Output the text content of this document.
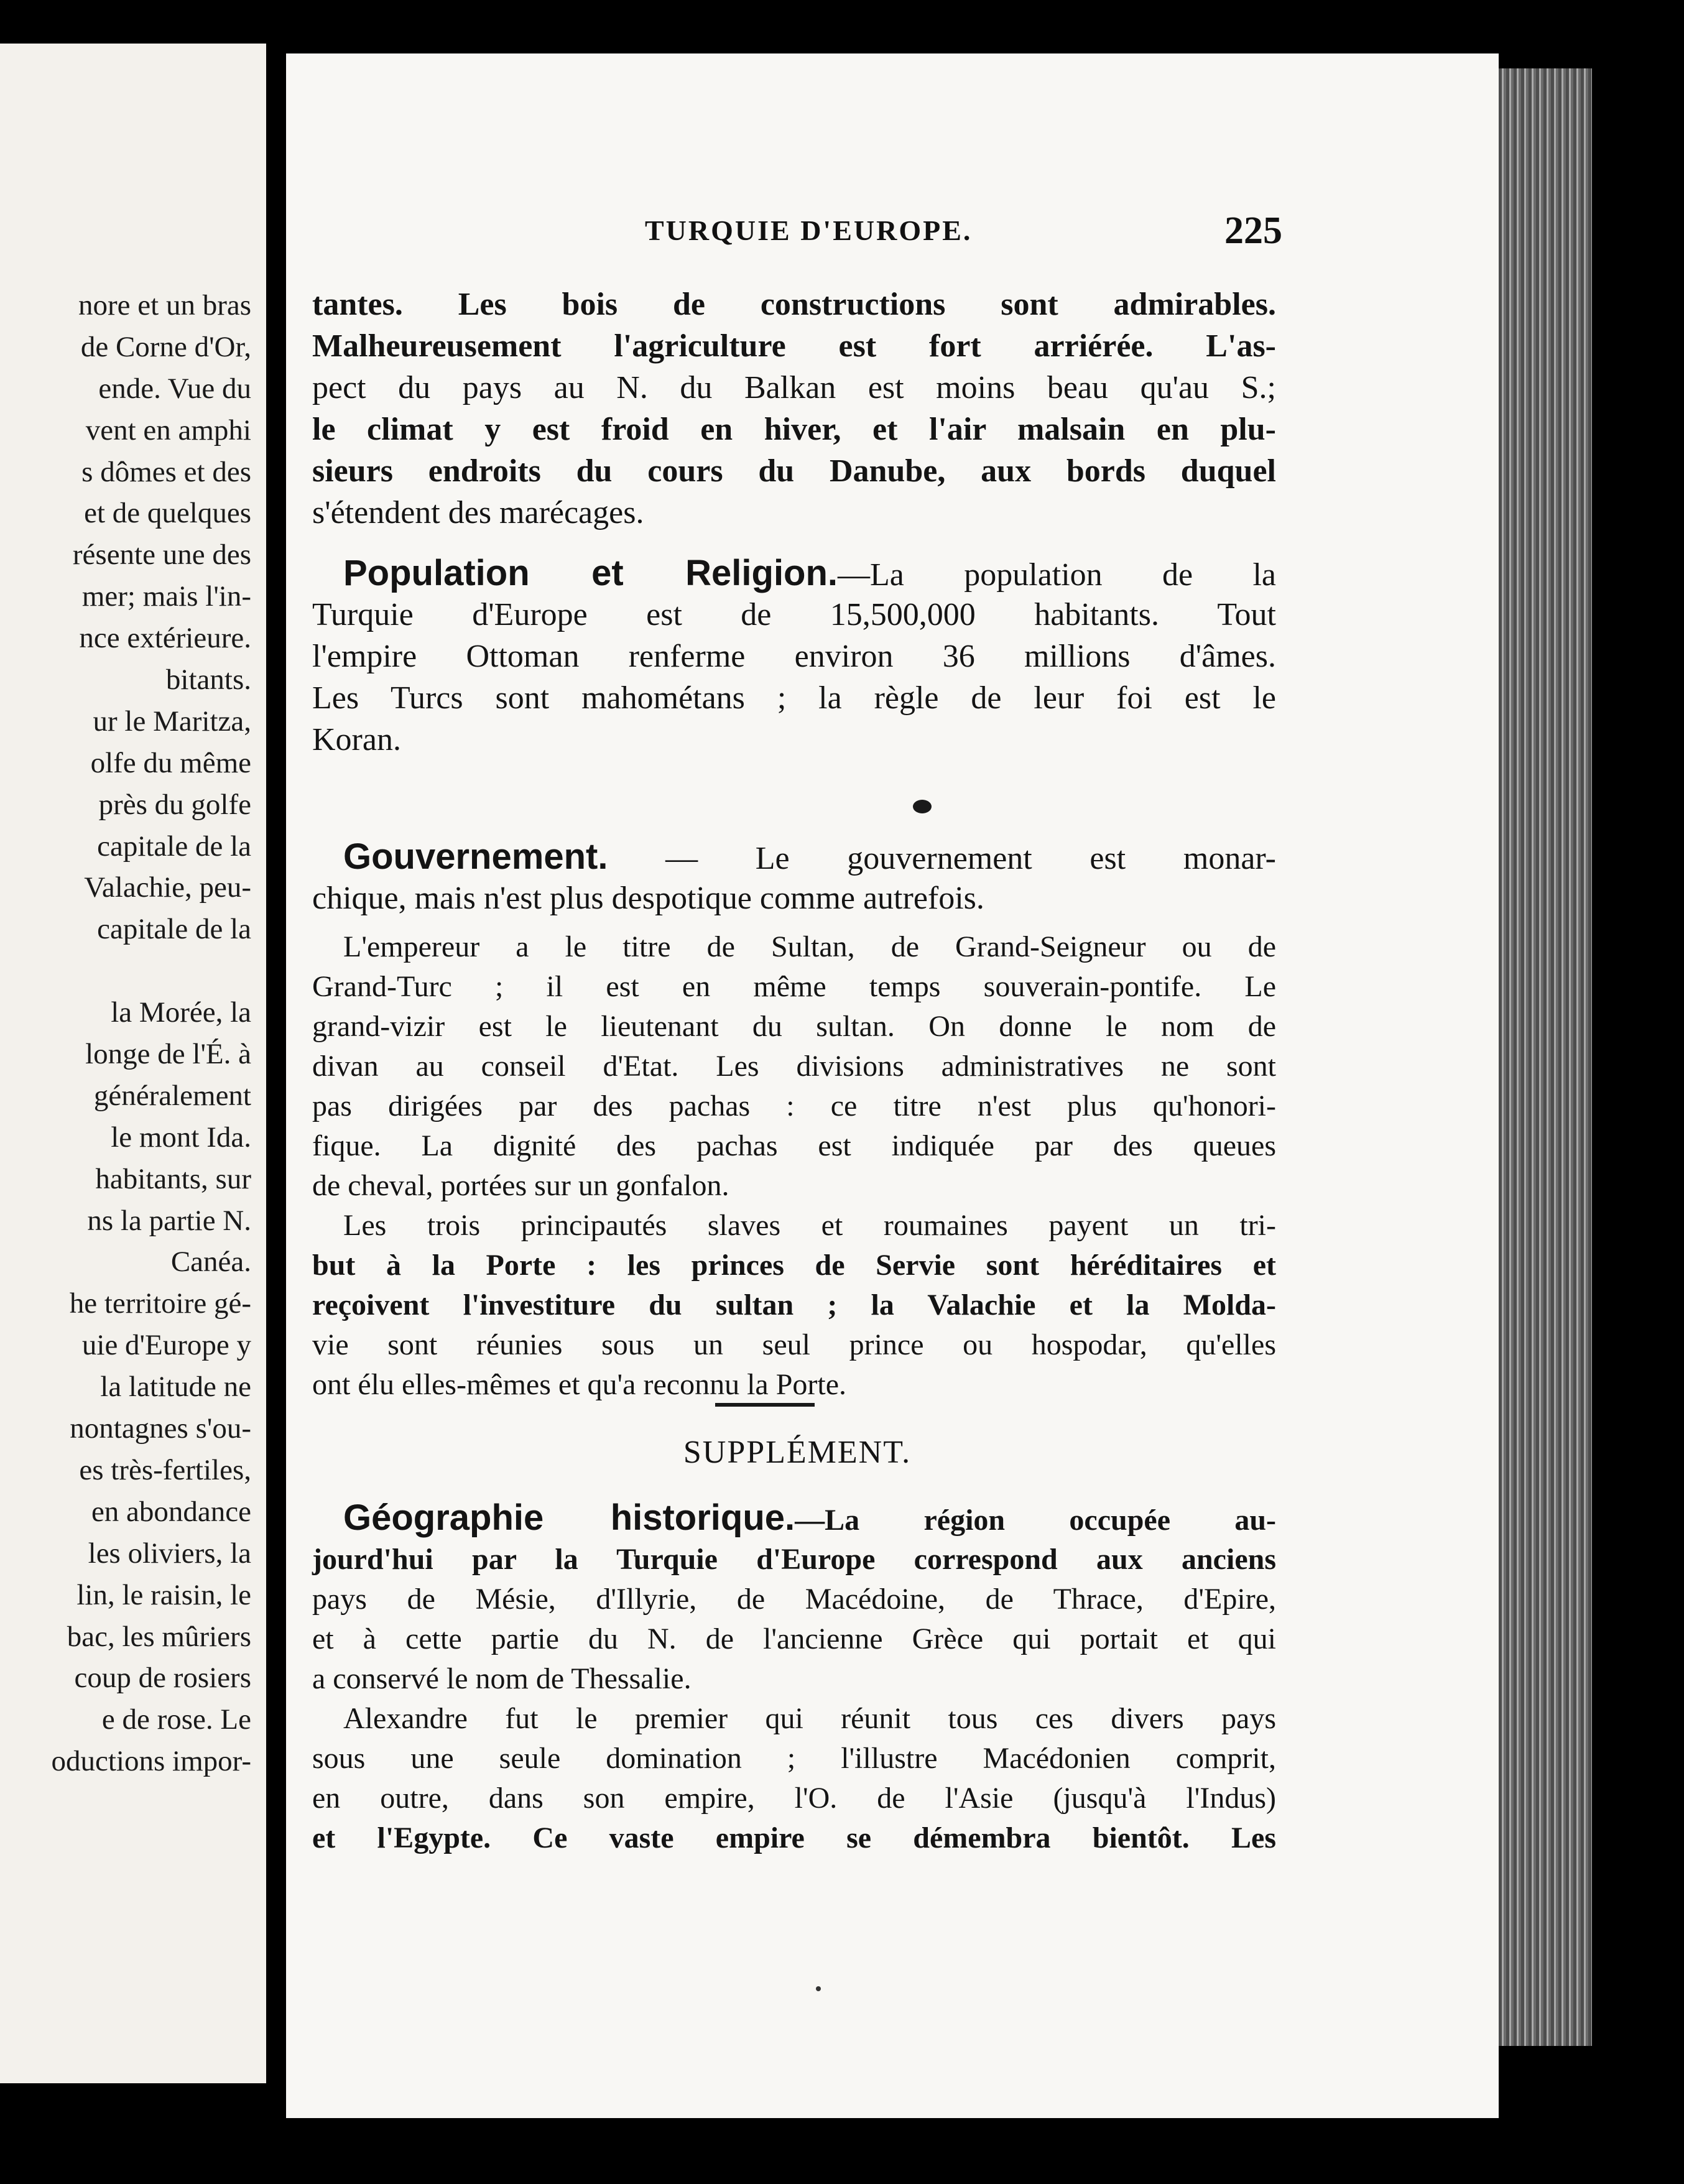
nore et un bras
de Corne d'Or,
ende. Vue du
vent en amphi
s dômes et des
et de quelques
résente une des
mer; mais l'in-
nce extérieure.
bitants.
ur le Maritza,
olfe du même
près du golfe
capitale de la
Valachie, peu-
capitale de la
la Morée, la
longe de l'É. à
généralement
le mont Ida.
habitants, sur
ns la partie N.
Canéa.
he territoire gé-
uie d'Europe y
la latitude ne
nontagnes s'ou-
es très-fertiles,
en abondance
les oliviers, la
lin, le raisin, le
bac, les mûriers
coup de rosiers
e de rose. Le
oductions impor-
TURQUIE D'EUROPE.	225
tantes. Les bois de constructions sont admirables.
Malheureusement l'agriculture est fort arriérée. L'as-
pect du pays au N. du Balkan est moins beau qu'au S.;
le climat y est froid en hiver, et l'air malsain en plu-
sieurs endroits du cours du Danube, aux bords duquel
s'étendent des marécages.
Population et Religion.—La population de la
Turquie d'Europe est de 15,500,000 habitants. Tout
l'empire Ottoman renferme environ 36 millions d'âmes.
Les Turcs sont mahométans ; la règle de leur foi est le
Koran.
Gouvernement. — Le gouvernement est monar-
chique, mais n'est plus despotique comme autrefois.
L'empereur a le titre de Sultan, de Grand-Seigneur ou de
Grand-Turc ; il est en même temps souverain-pontife. Le
grand-vizir est le lieutenant du sultan. On donne le nom de
divan au conseil d'Etat. Les divisions administratives ne sont
pas dirigées par des pachas : ce titre n'est plus qu'honori-
fique. La dignité des pachas est indiquée par des queues
de cheval, portées sur un gonfalon.
Les trois principautés slaves et roumaines payent un tri-
but à la Porte : les princes de Servie sont héréditaires et
reçoivent l'investiture du sultan ; la Valachie et la Molda-
vie sont réunies sous un seul prince ou hospodar, qu'elles
ont élu elles-mêmes et qu'a reconnu la Porte.
SUPPLÉMENT.
Géographie historique.—La région occupée au-
jourd'hui par la Turquie d'Europe correspond aux anciens
pays de Mésie, d'Illyrie, de Macédoine, de Thrace, d'Epire,
et à cette partie du N. de l'ancienne Grèce qui portait et qui
a conservé le nom de Thessalie.
Alexandre fut le premier qui réunit tous ces divers pays
sous une seule domination ; l'illustre Macédonien comprit,
en outre, dans son empire, l'O. de l'Asie (jusqu'à l'Indus)
et l'Egypte. Ce vaste empire se démembra bientôt. Les
